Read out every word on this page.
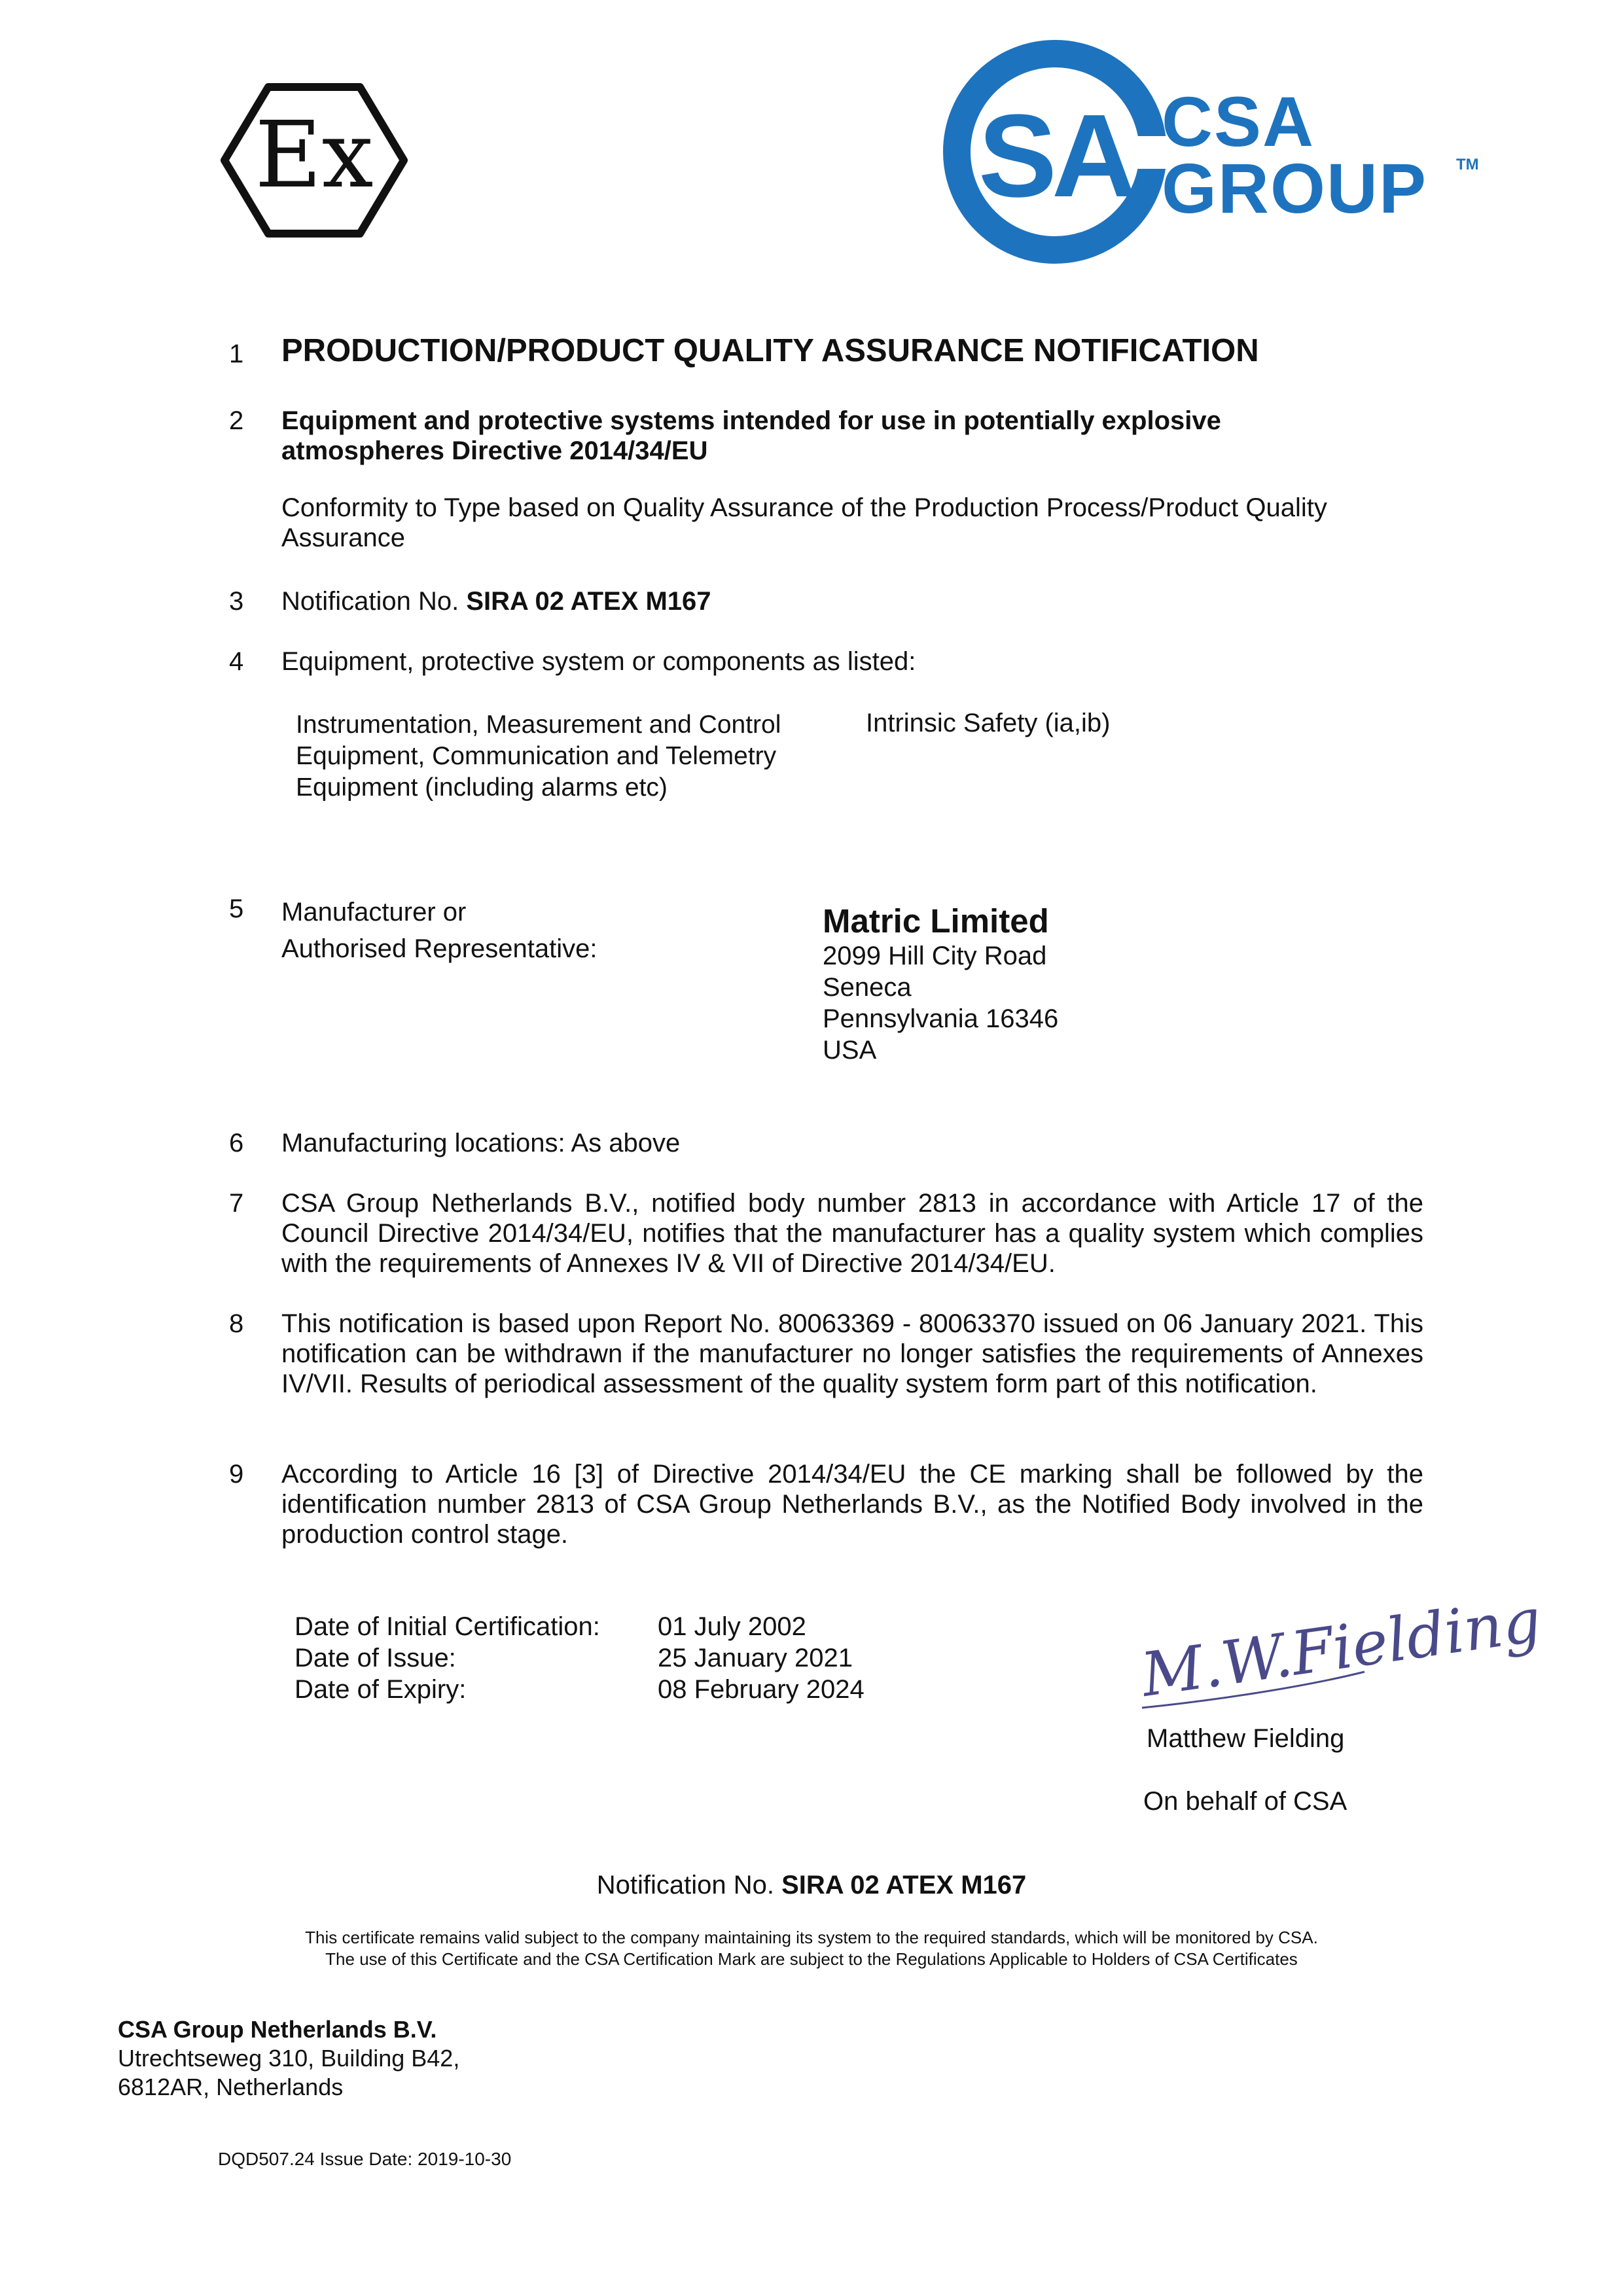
Ex	SA CSA
GROUP TM
1 PRODUCTION/PRODUCT QUALITY ASSURANCE NOTIFICATION
2 Equipment and protective systems intended for use in potentially explosive atmospheres Directive 2014/34/EU
Conformity to Type based on Quality Assurance of the Production Process/Product Quality Assurance
3 Notification No. SIRA 02 ATEX M167
4 Equipment, protective system or components as listed:
Instrumentation, Measurement and Control Equipment, Communication and Telemetry Equipment (including alarms etc)
Intrinsic Safety (ia,ib)
5 Manufacturer or
Authorised Representative:
Matric Limited
2099 Hill City Road
Seneca
Pennsylvania 16346
USA
6 Manufacturing locations: As above
7 CSA Group Netherlands B.V., notified body number 2813 in accordance with Article 17 of the Council Directive 2014/34/EU, notifies that the manufacturer has a quality system which complies with the requirements of Annexes IV & VII of Directive 2014/34/EU.
8 This notification is based upon Report No. 80063369 - 80063370 issued on 06 January 2021. This notification can be withdrawn if the manufacturer no longer satisfies the requirements of Annexes IV/VII. Results of periodical assessment of the quality system form part of this notification.
9 According to Article 16 [3] of Directive 2014/34/EU the CE marking shall be followed by the identification number 2813 of CSA Group Netherlands B.V., as the Notified Body involved in the production control stage.
Date of Initial Certification:
Date of Issue:
Date of Expiry:
01 July 2002
25 January 2021
08 February 2024	M.W.Fielding
Matthew Fielding
On behalf of CSA
Notification No. SIRA 02 ATEX M167
This certificate remains valid subject to the company maintaining its system to the required standards, which will be monitored by CSA.
The use of this Certificate and the CSA Certification Mark are subject to the Regulations Applicable to Holders of CSA Certificates
CSA Group Netherlands B.V.
Utrechtseweg 310, Building B42,
6812AR, Netherlands
DQD507.24 Issue Date: 2019-10-30
